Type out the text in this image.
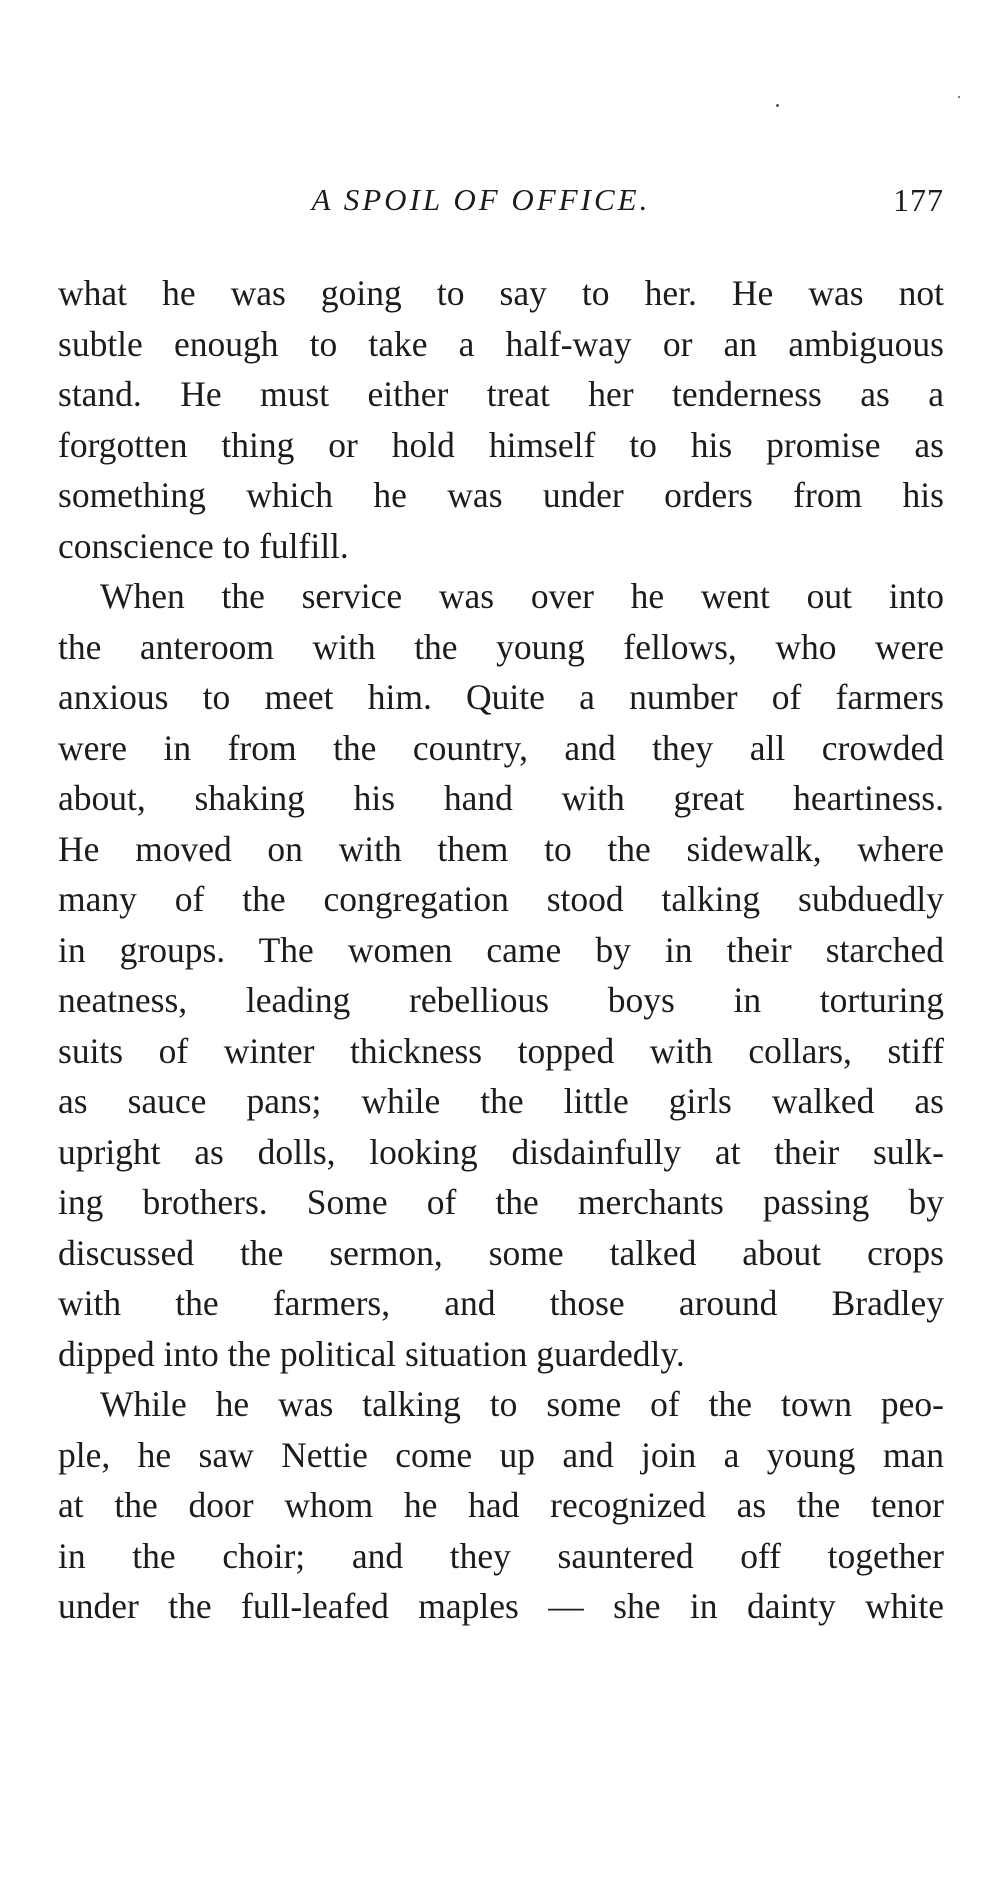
A SPOIL OF OFFICE.	177
what he was going to say to her. He was not
subtle enough to take a half-way or an ambiguous
stand. He must either treat her tenderness as a
forgotten thing or hold himself to his promise as
something which he was under orders from his
conscience to fulfill.
When the service was over he went out into
the anteroom with the young fellows, who were
anxious to meet him. Quite a number of farmers
were in from the country, and they all crowded
about, shaking his hand with great heartiness.
He moved on with them to the sidewalk, where
many of the congregation stood talking subduedly
in groups. The women came by in their starched
neatness, leading rebellious boys in torturing
suits of winter thickness topped with collars, stiff
as sauce pans; while the little girls walked as
upright as dolls, looking disdainfully at their sulk-
ing brothers. Some of the merchants passing by
discussed the sermon, some talked about crops
with the farmers, and those around Bradley
dipped into the political situation guardedly.
While he was talking to some of the town peo-
ple, he saw Nettie come up and join a young man
at the door whom he had recognized as the tenor
in the choir; and they sauntered off together
under the full-leafed maples — she in dainty white
